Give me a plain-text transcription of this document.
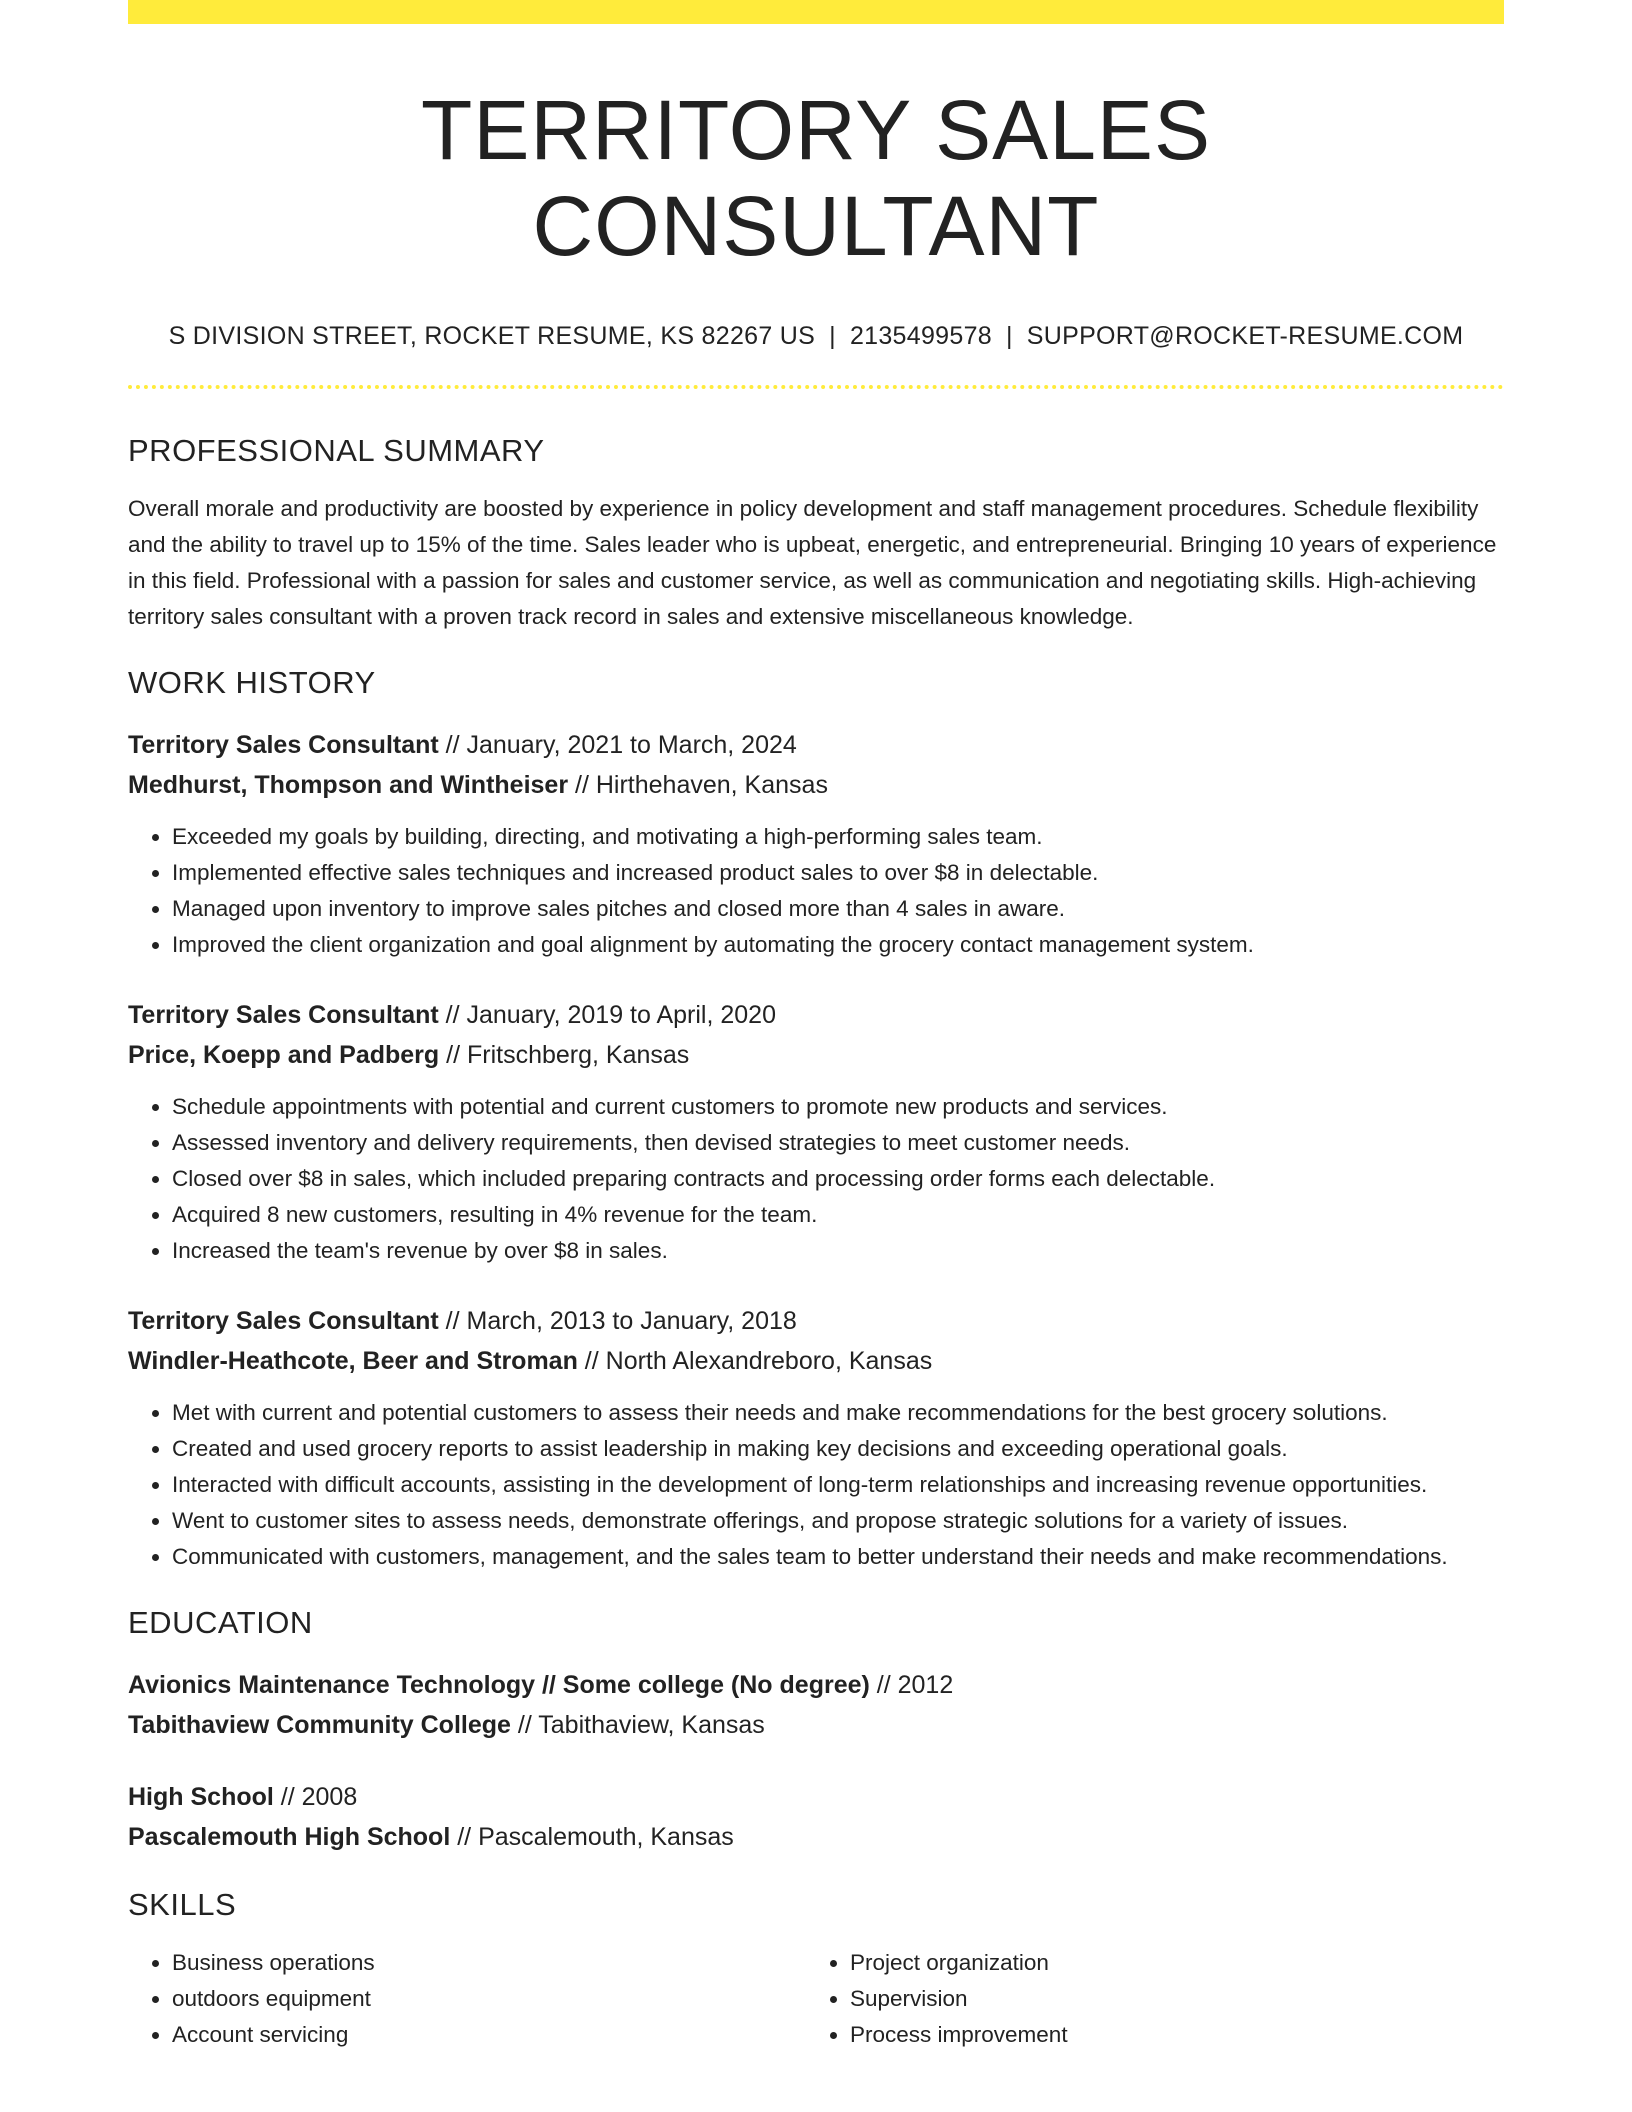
TERRITORY SALES CONSULTANT
S DIVISION STREET, ROCKET RESUME, KS 82267 US | 2135499578 | SUPPORT@ROCKET-RESUME.COM
PROFESSIONAL SUMMARY
Overall morale and productivity are boosted by experience in policy development and staff management procedures. Schedule flexibility and the ability to travel up to 15% of the time. Sales leader who is upbeat, energetic, and entrepreneurial. Bringing 10 years of experience in this field. Professional with a passion for sales and customer service, as well as communication and negotiating skills. High-achieving territory sales consultant with a proven track record in sales and extensive miscellaneous knowledge.
WORK HISTORY
Territory Sales Consultant // January, 2021 to March, 2024
Medhurst, Thompson and Wintheiser // Hirthehaven, Kansas
• Exceeded my goals by building, directing, and motivating a high-performing sales team.
• Implemented effective sales techniques and increased product sales to over $8 in delectable.
• Managed upon inventory to improve sales pitches and closed more than 4 sales in aware.
• Improved the client organization and goal alignment by automating the grocery contact management system.
Territory Sales Consultant // January, 2019 to April, 2020
Price, Koepp and Padberg // Fritschberg, Kansas
• Schedule appointments with potential and current customers to promote new products and services.
• Assessed inventory and delivery requirements, then devised strategies to meet customer needs.
• Closed over $8 in sales, which included preparing contracts and processing order forms each delectable.
• Acquired 8 new customers, resulting in 4% revenue for the team.
• Increased the team's revenue by over $8 in sales.
Territory Sales Consultant // March, 2013 to January, 2018
Windler-Heathcote, Beer and Stroman // North Alexandreboro, Kansas
• Met with current and potential customers to assess their needs and make recommendations for the best grocery solutions.
• Created and used grocery reports to assist leadership in making key decisions and exceeding operational goals.
• Interacted with difficult accounts, assisting in the development of long-term relationships and increasing revenue opportunities.
• Went to customer sites to assess needs, demonstrate offerings, and propose strategic solutions for a variety of issues.
• Communicated with customers, management, and the sales team to better understand their needs and make recommendations.
EDUCATION
Avionics Maintenance Technology // Some college (No degree) // 2012
Tabithaview Community College // Tabithaview, Kansas
High School // 2008
Pascalemouth High School // Pascalemouth, Kansas
SKILLS
• Business operations
• outdoors equipment
• Account servicing
• Project organization
• Supervision
• Process improvement
